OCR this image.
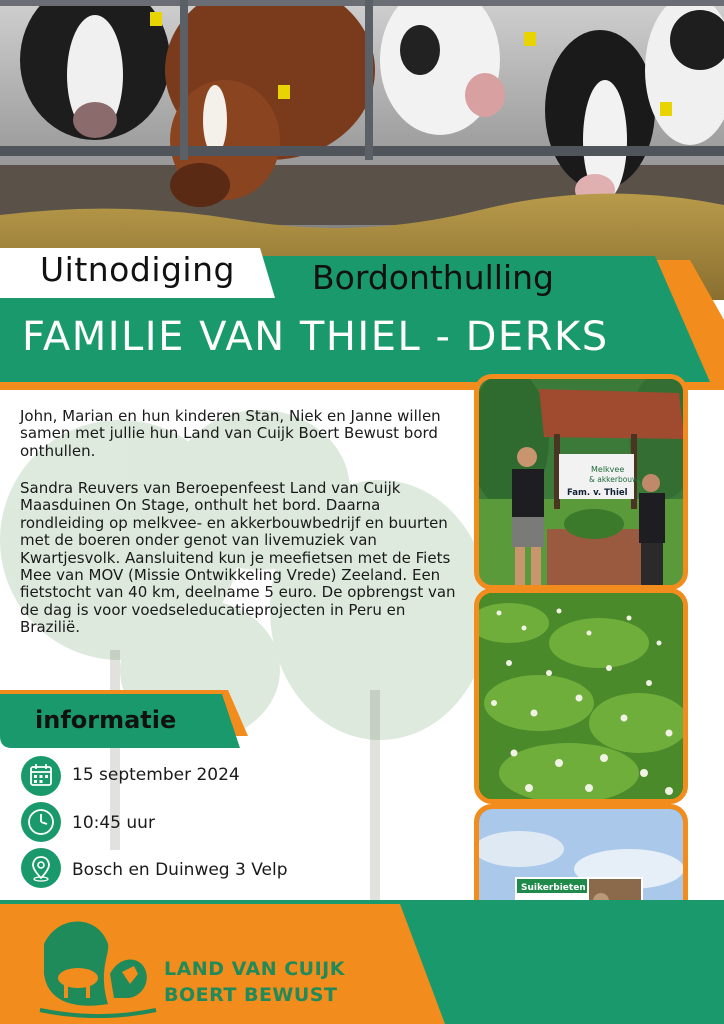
Uitnodiging Bordonthulling
FAMILIE VAN THIEL - DERKS

John, Marian en hun kinderen Stan, Niek en Janne willen samen met jullie hun Land van Cuijk Boert Bewust bord onthullen.

Sandra Reuvers van Beroepenfeest Land van Cuijk Maasduinen On Stage, onthult het bord. Daarna rondleiding op melkvee- en akkerbouwbedrijf en buurten met de boeren onder genot van livemuziek van Kwartjesvolk. Aansluitend kun je meefietsen met de Fiets Mee van MOV (Missie Ontwikkeling Vrede) Zeeland. Een fietstocht van 40 km, deelname 5 euro. De opbrengst van de dag is voor voedseleducatieprojecten in Peru en Brazilië.

informatie
15 september 2024
10:45 uur
Bosch en Duinweg 3 Velp
Melkvee
& akkerbouw
Fam. v. Thiel
Suikerbieten
LAND VAN CUIJK
BOERT BEWUST
